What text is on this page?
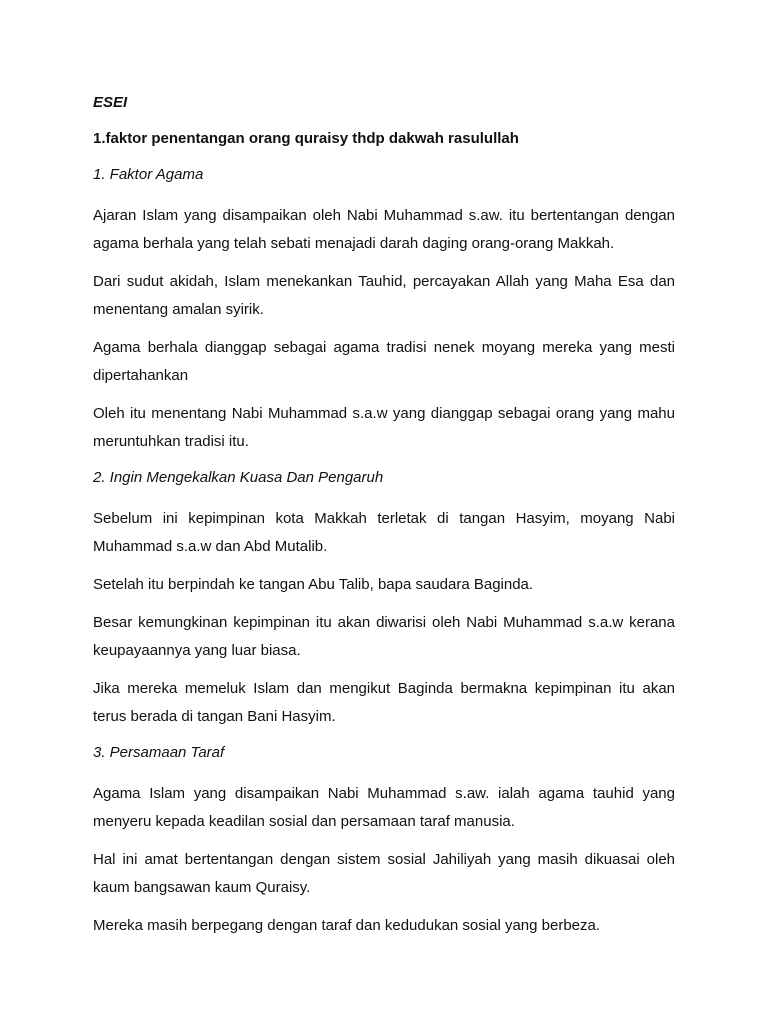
ESEI

1.faktor penentangan orang quraisy thdp dakwah rasulullah

1. Faktor Agama

Ajaran Islam yang disampaikan oleh Nabi Muhammad s.aw. itu bertentangan dengan agama berhala yang telah sebati menajadi darah daging orang-orang Makkah.

Dari sudut akidah, Islam menekankan Tauhid, percayakan Allah yang Maha Esa dan menentang amalan syirik.

Agama berhala dianggap sebagai agama tradisi nenek moyang mereka yang mesti dipertahankan

Oleh itu menentang Nabi Muhammad s.a.w yang dianggap sebagai orang yang mahu meruntuhkan tradisi itu.

2. Ingin Mengekalkan Kuasa Dan Pengaruh

Sebelum ini kepimpinan kota Makkah terletak di tangan Hasyim, moyang Nabi Muhammad s.a.w dan Abd Mutalib.

Setelah itu berpindah ke tangan Abu Talib, bapa saudara Baginda.

Besar kemungkinan kepimpinan itu akan diwarisi oleh Nabi Muhammad s.a.w kerana keupayaannya yang luar biasa.

Jika mereka memeluk Islam dan mengikut Baginda bermakna kepimpinan itu akan terus berada di tangan Bani Hasyim.

3. Persamaan Taraf

Agama Islam yang disampaikan Nabi Muhammad s.aw. ialah agama tauhid yang menyeru kepada keadilan sosial dan persamaan taraf manusia.

Hal ini amat bertentangan dengan sistem sosial Jahiliyah yang masih dikuasai oleh kaum bangsawan kaum Quraisy.

Mereka masih berpegang dengan taraf dan kedudukan sosial yang berbeza.
